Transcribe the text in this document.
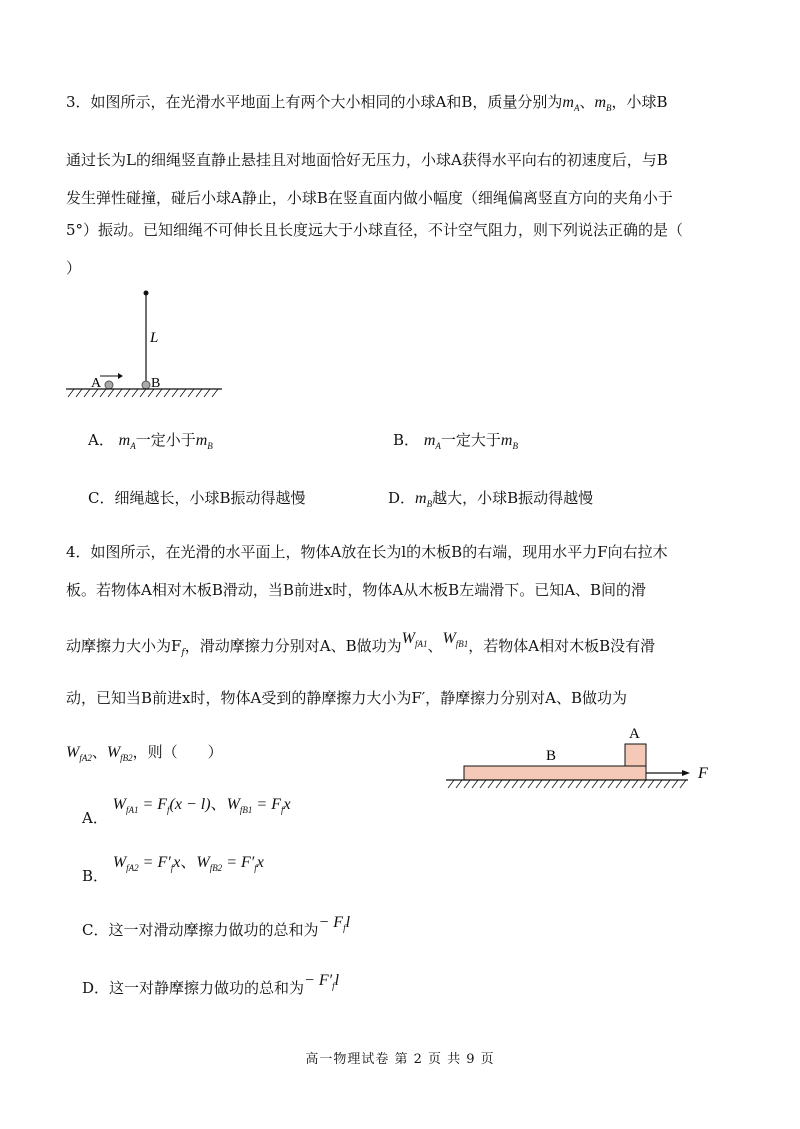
3．如图所示，在光滑水平地面上有两个大小相同的小球A和B，质量分别为$m_A$、$m_B$，小球B
通过长为L的细绳竖直静止悬挂且对地面恰好无压力，小球A获得水平向右的初速度后，与B
发生弹性碰撞，碰后小球A静止，小球B在竖直面内做小幅度（细绳偏离竖直方向的夹角小于
5°）振动。已知细绳不可伸长且长度远大于小球直径，不计空气阻力，则下列说法正确的是（
）
L
A	B
A． $m_A$一定小于$m_B$	B． $m_A$一定大于$m_B$
C．细绳越长，小球B振动得越慢	D．$m_B$越大，小球B振动得越慢
4．如图所示，在光滑的水平面上，物体A放在长为l的木板B的右端，现用水平力F向右拉木
板。若物体A相对木板B滑动，当B前进x时，物体A从木板B左端滑下。已知A、B间的滑
动摩擦力大小为$F_f$，滑动摩擦力分别对A、B做功为$W_{fA1}$、$W_{fB1}$，若物体A相对木板B没有滑
动，已知当B前进x时，物体A受到的静摩擦力大小为F′，静摩擦力分别对A、B做功为
$W_{fA2}$、$W_{fB2}$，则（　　）
A
B
F
A． $W_{fA1} = F_f(x - l)$、$W_{fB1} = F_fx$
B． $W_{fA2} = F'_fx$、$W_{fB2} = F'_fx$
C．这一对滑动摩擦力做功的总和为− $F_fl$
D．这一对静摩擦力做功的总和为− $F'_fl$
高一物理试卷 第 2 页 共 9 页
